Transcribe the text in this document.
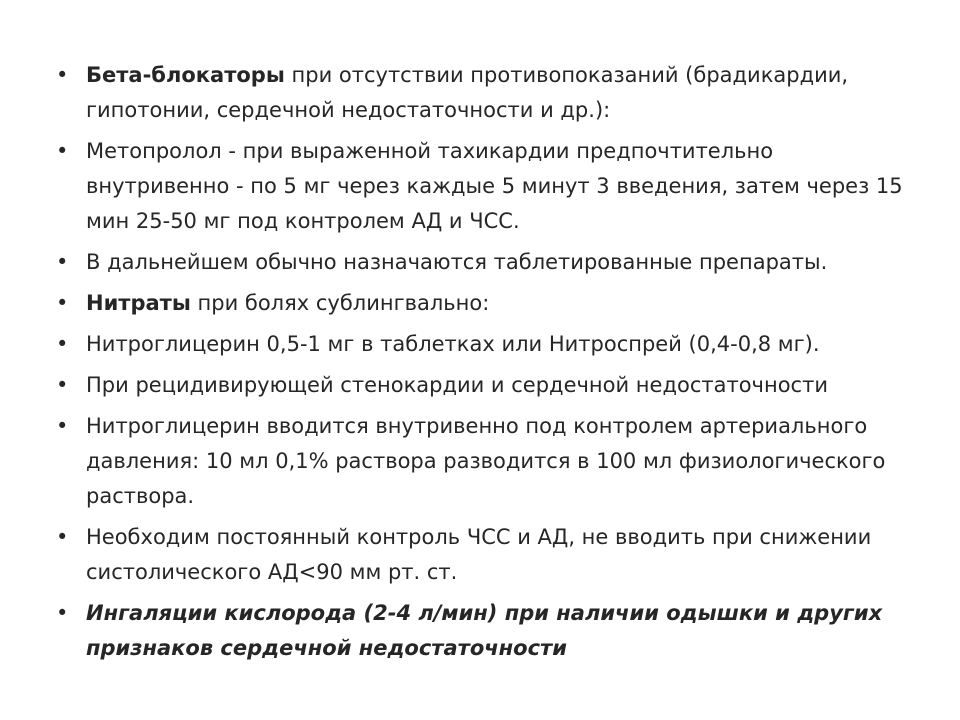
• Бета-блокаторы при отсутствии противопоказаний (брадикардии, гипотонии, сердечной недостаточности и др.):
• Метопролол - при выраженной тахикардии предпочтительно внутривенно - по 5 мг через каждые 5 минут 3 введения, затем через 15 мин 25-50 мг под контролем АД и ЧСС.
• В дальнейшем обычно назначаются таблетированные препараты.
• Нитраты при болях сублингвально:
• Нитроглицерин 0,5-1 мг в таблетках или Нитроспрей (0,4-0,8 мг).
• При рецидивирующей стенокардии и сердечной недостаточности
• Нитроглицерин вводится внутривенно под контролем артериального давления: 10 мл 0,1% раствора разводится в 100 мл физиологического раствора.
• Необходим постоянный контроль ЧСС и АД, не вводить при снижении систолического АД<90 мм рт. ст.
• Ингаляции кислорода (2-4 л/мин) при наличии одышки и других признаков сердечной недостаточности
